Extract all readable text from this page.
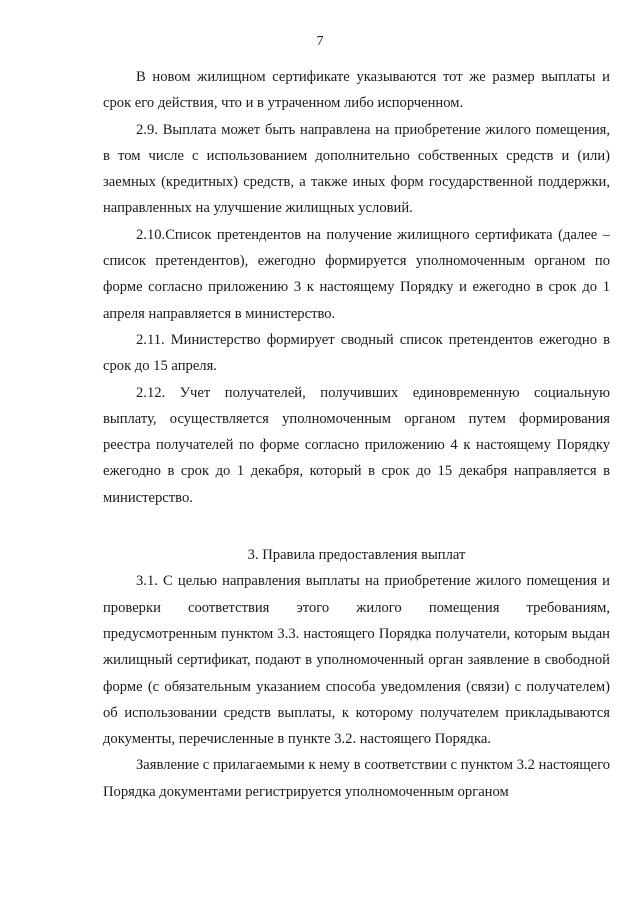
7

В новом жилищном сертификате указываются тот же размер выплаты и срок его действия, что и в утраченном либо испорченном.

2.9. Выплата может быть направлена на приобретение жилого помещения, в том числе с использованием дополнительно собственных средств и (или) заемных (кредитных) средств, а также иных форм государственной поддержки, направленных на улучшение жилищных условий.

2.10.Список претендентов на получение жилищного сертификата (далее – список претендентов), ежегодно формируется уполномоченным органом по форме согласно приложению 3 к настоящему Порядку и ежегодно в срок до 1 апреля направляется в министерство.

2.11. Министерство формирует сводный список претендентов ежегодно в срок до 15 апреля.

2.12. Учет получателей, получивших единовременную социальную выплату, осуществляется уполномоченным органом путем формирования реестра получателей по форме согласно приложению 4 к настоящему Порядку ежегодно в срок до 1 декабря, который в срок до 15 декабря направляется в министерство.

3. Правила предоставления выплат

3.1. С целью направления выплаты на приобретение жилого помещения и проверки соответствия этого жилого помещения требованиям, предусмотренным пунктом 3.3. настоящего Порядка получатели, которым выдан жилищный сертификат, подают в уполномоченный орган заявление в свободной форме (с обязательным указанием способа уведомления (связи) с получателем) об использовании средств выплаты, к которому получателем прикладываются документы, перечисленные в пункте 3.2. настоящего Порядка.

Заявление с прилагаемыми к нему в соответствии с пунктом 3.2 настоящего Порядка документами регистрируется уполномоченным органом
